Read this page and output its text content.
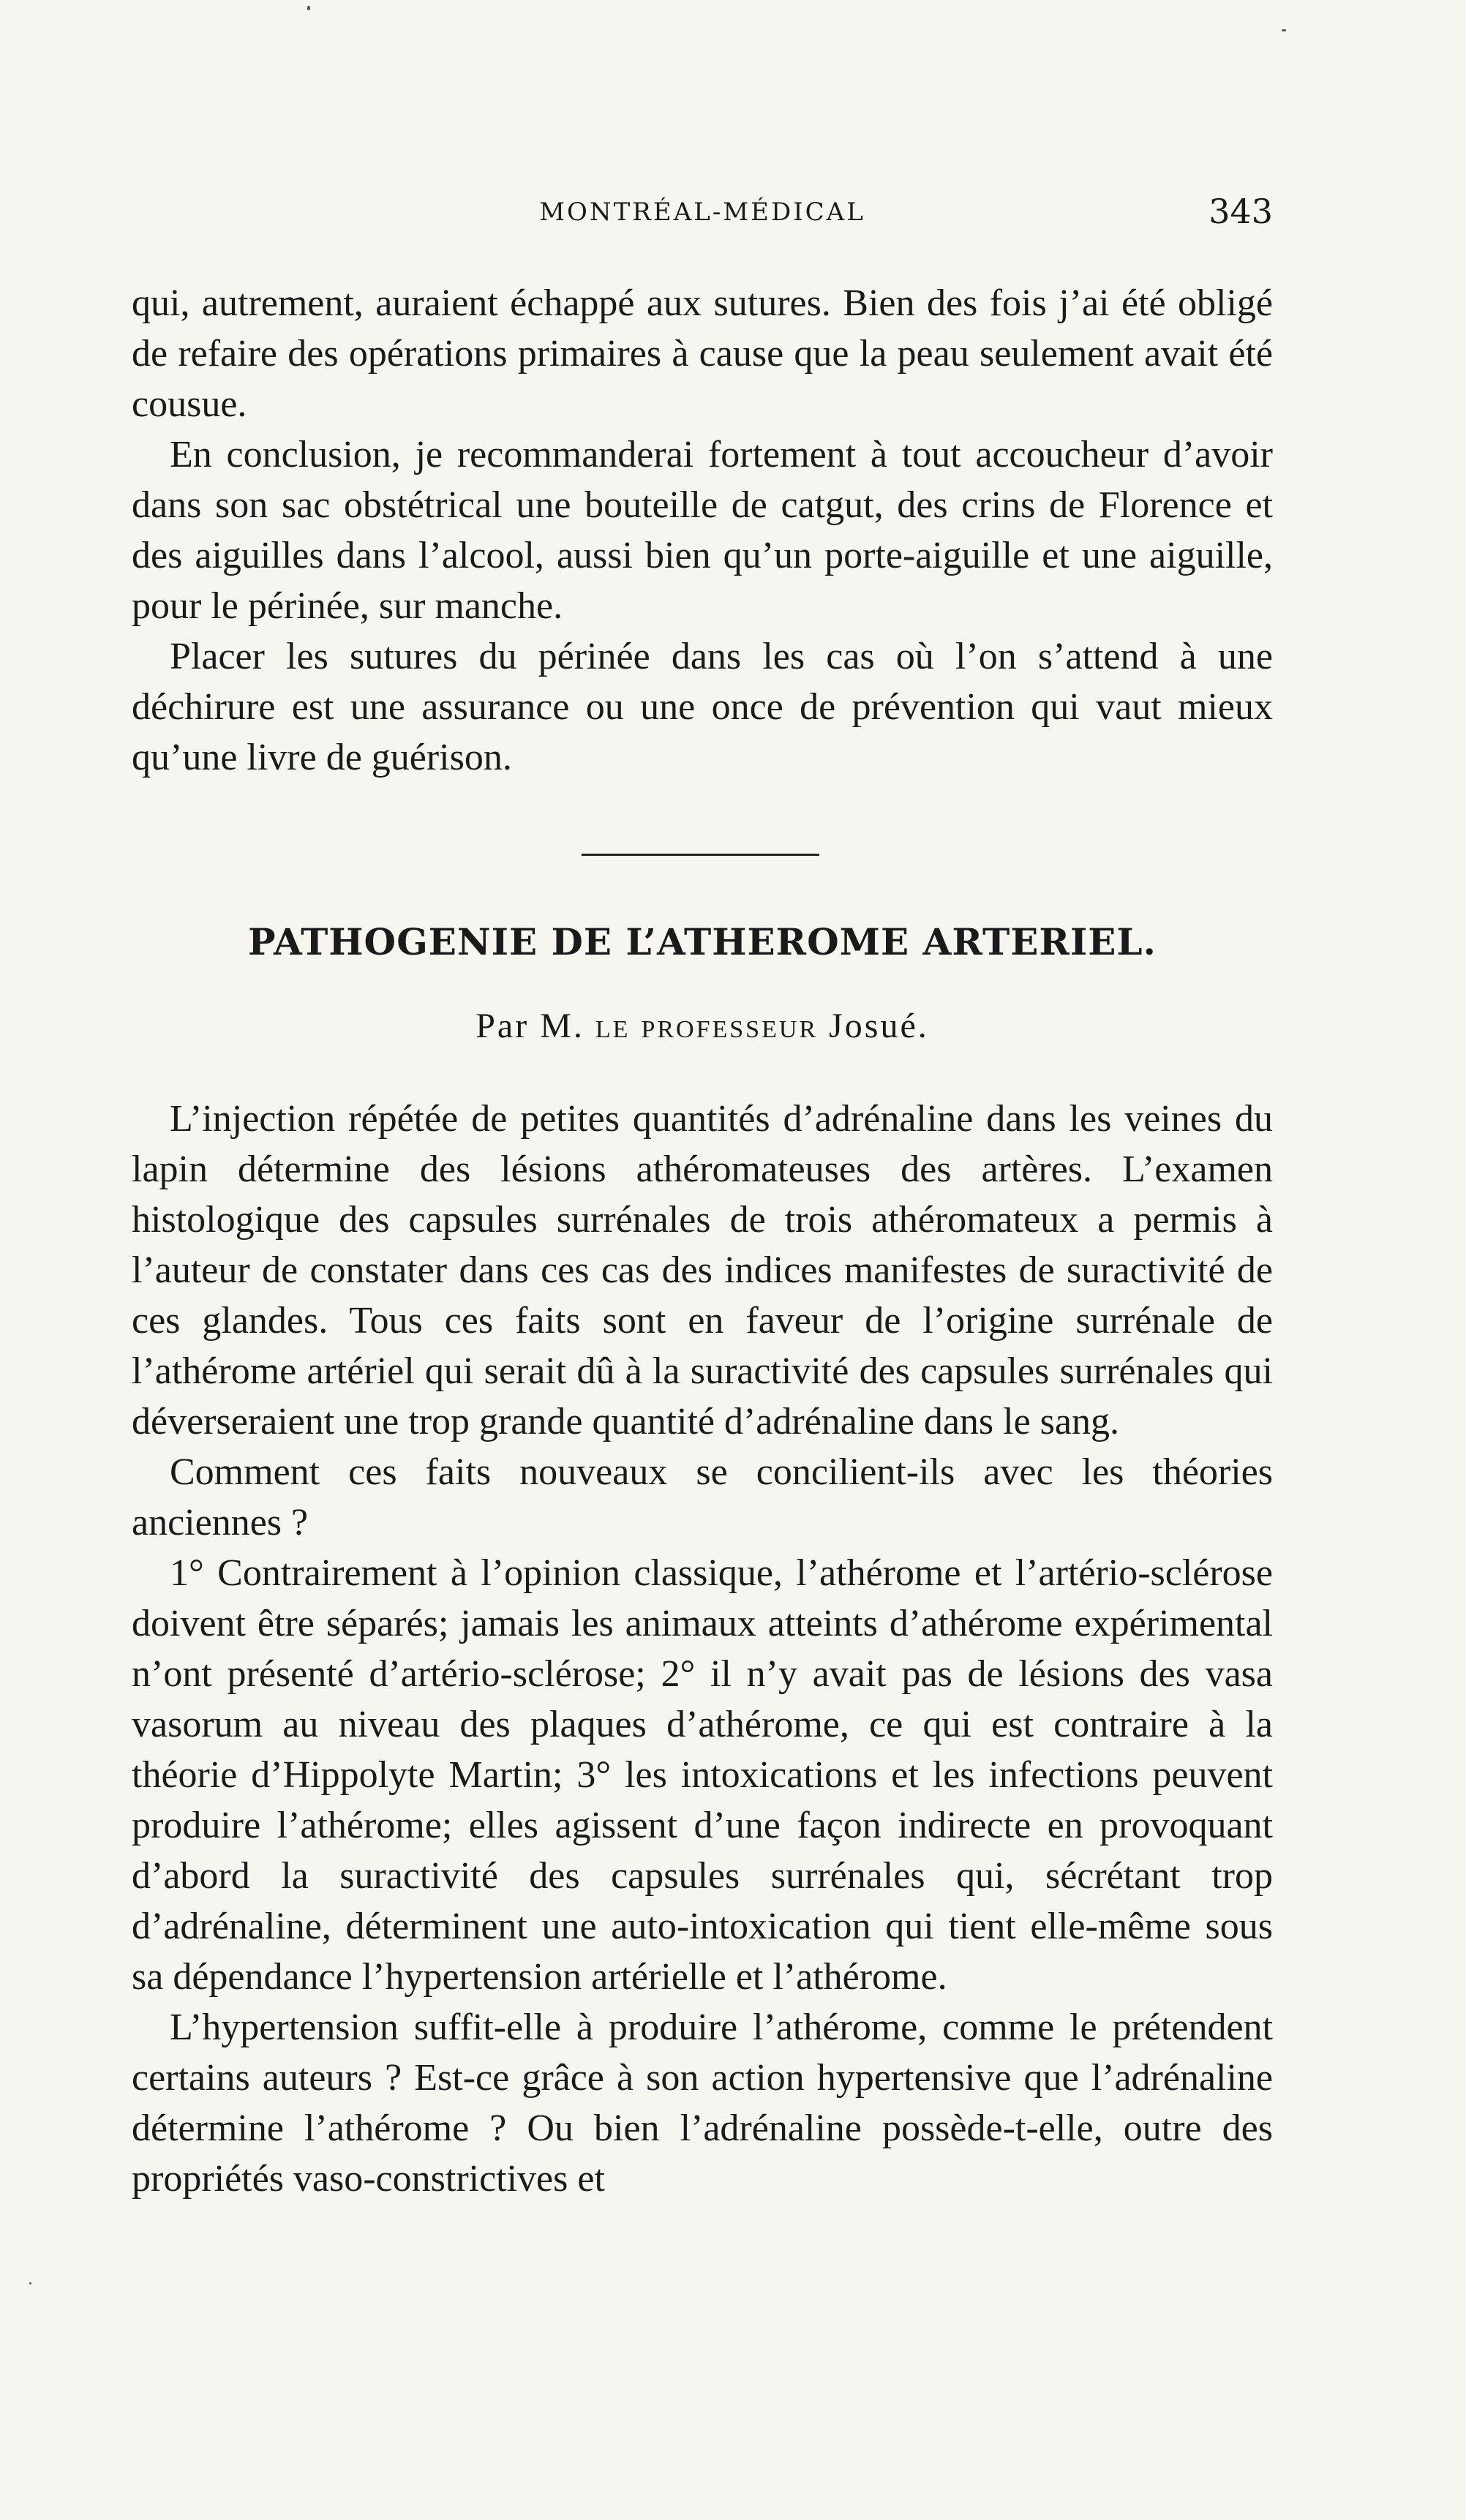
MONTRÉAL-MÉDICAL	343

qui, autrement, auraient échappé aux sutures. Bien des fois j’ai été obligé de refaire des opérations primaires à cause que la peau seulement avait été cousue.

En conclusion, je recommanderai fortement à tout accoucheur d’avoir dans son sac obstétrical une bouteille de catgut, des crins de Florence et des aiguilles dans l’alcool, aussi bien qu’un porte-aiguille et une aiguille, pour le périnée, sur manche.

Placer les sutures du périnée dans les cas où l’on s’attend à une déchirure est une assurance ou une once de prévention qui vaut mieux qu’une livre de guérison.

PATHOGENIE DE L’ATHEROME ARTERIEL.
Par M. le professeur Josué.

L’injection répétée de petites quantités d’adrénaline dans les veines du lapin détermine des lésions athéromateuses des artères. L’examen histologique des capsules surrénales de trois athéromateux a permis à l’auteur de constater dans ces cas des indices manifestes de suractivité de ces glandes. Tous ces faits sont en faveur de l’origine surrénale de l’athérome artériel qui serait dû à la suractivité des capsules surrénales qui déverseraient une trop grande quantité d’adrénaline dans le sang.

Comment ces faits nouveaux se concilient-ils avec les théories anciennes ?

1° Contrairement à l’opinion classique, l’athérome et l’artério-sclérose doivent être séparés; jamais les animaux atteints d’athérome expérimental n’ont présenté d’artério-sclérose; 2° il n’y avait pas de lésions des vasa vasorum au niveau des plaques d’athérome, ce qui est contraire à la théorie d’Hippolyte Martin; 3° les intoxications et les infections peuvent produire l’athérome; elles agissent d’une façon indirecte en provoquant d’abord la suractivité des capsules surrénales qui, sécrétant trop d’adrénaline, déterminent une auto-intoxication qui tient elle-même sous sa dépendance l’hypertension artérielle et l’athérome.

L’hypertension suffit-elle à produire l’athérome, comme le prétendent certains auteurs ? Est-ce grâce à son action hypertensive que l’adrénaline détermine l’athérome ? Ou bien l’adrénaline possède-t-elle, outre des propriétés vaso-constrictives et
